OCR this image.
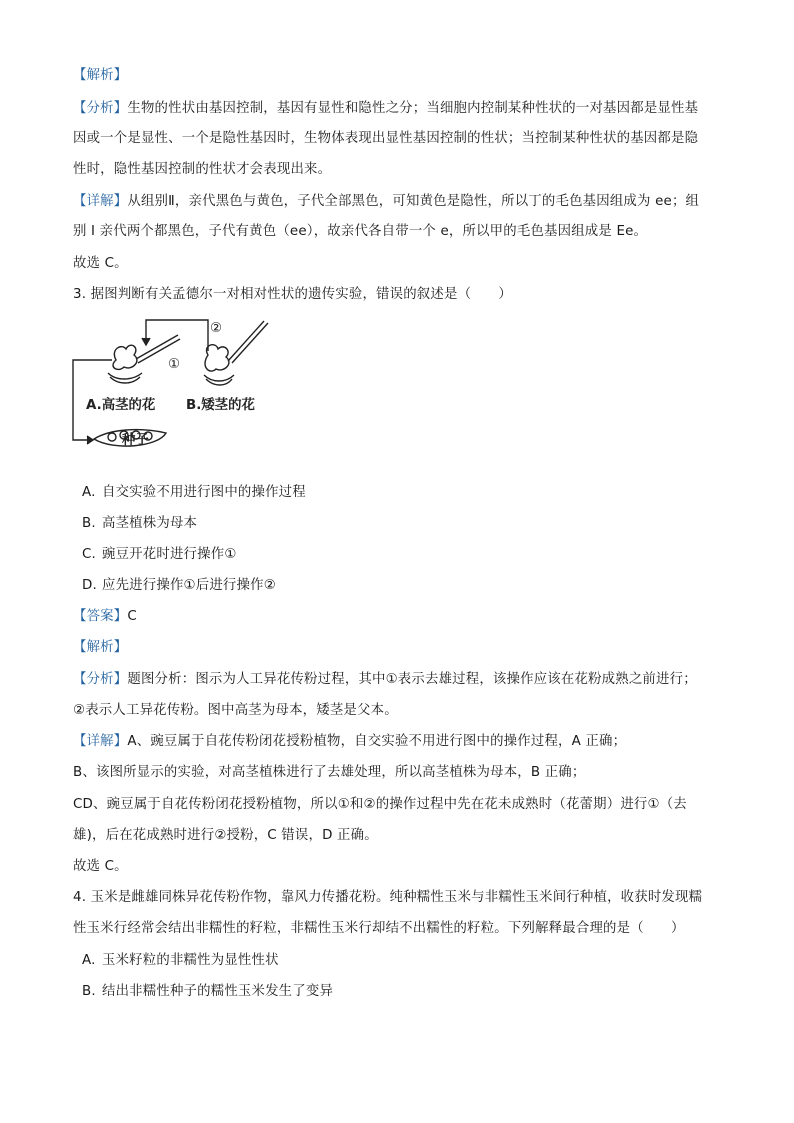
【解析】
【分析】生物的性状由基因控制，基因有显性和隐性之分；当细胞内控制某种性状的一对基因都是显性基
因或一个是显性、一个是隐性基因时，生物体表现出显性基因控制的性状；当控制某种性状的基因都是隐
性时，隐性基因控制的性状才会表现出来。
【详解】从组别Ⅱ，亲代黑色与黄色，子代全部黑色，可知黄色是隐性，所以丁的毛色基因组成为 ee；组
别 I 亲代两个都黑色，子代有黄色（ee），故亲代各自带一个 e，所以甲的毛色基因组成是 Ee。
故选 C。
3. 据图判断有关孟德尔一对相对性状的遗传实验，错误的叙述是（　　）
①
②
A.高茎的花 B.矮茎的花
种子
A. 自交实验不用进行图中的操作过程
B. 高茎植株为母本
C. 豌豆开花时进行操作①
D. 应先进行操作①后进行操作②
【答案】C
【解析】
【分析】题图分析：图示为人工异花传粉过程，其中①表示去雄过程，该操作应该在花粉成熟之前进行；
②表示人工异花传粉。图中高茎为母本，矮茎是父本。
【详解】A、豌豆属于自花传粉闭花授粉植物，自交实验不用进行图中的操作过程，A 正确；
B、该图所显示的实验，对高茎植株进行了去雄处理，所以高茎植株为母本，B 正确；
CD、豌豆属于自花传粉闭花授粉植物，所以①和②的操作过程中先在花未成熟时（花蕾期）进行①（去
雄)，后在花成熟时进行②授粉，C 错误，D 正确。
故选 C。
4. 玉米是雌雄同株异花传粉作物，靠风力传播花粉。纯种糯性玉米与非糯性玉米间行种植，收获时发现糯
性玉米行经常会结出非糯性的籽粒，非糯性玉米行却结不出糯性的籽粒。下列解释最合理的是（　　）
A. 玉米籽粒的非糯性为显性性状
B. 结出非糯性种子的糯性玉米发生了变异
